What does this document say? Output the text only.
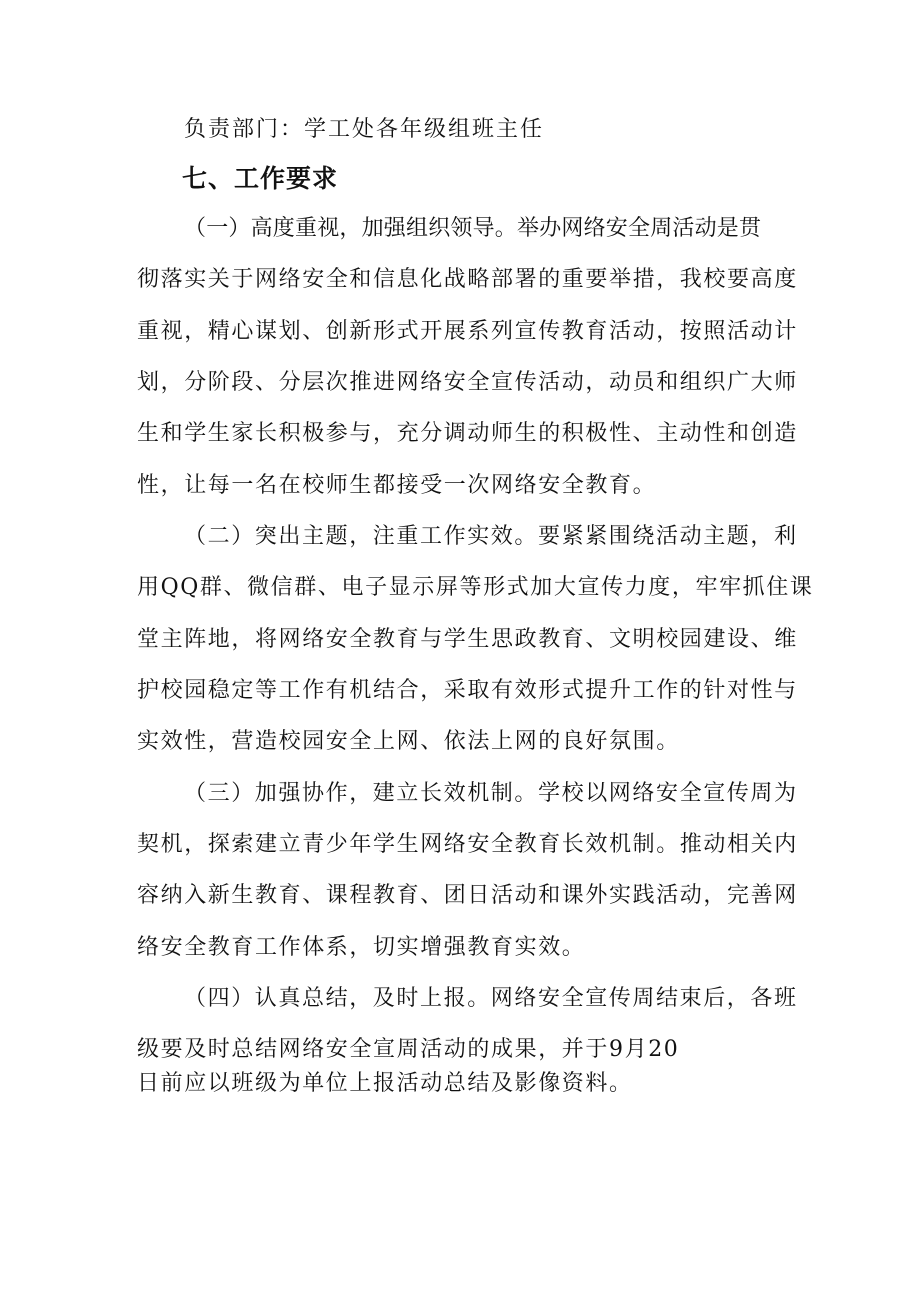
负责部门：学工处各年级组班主任
七、工作要求
（一）高度重视，加强组织领导。举办网络安全周活动是贯
彻落实关于网络安全和信息化战略部署的重要举措，我校要高度
重视，精心谋划、创新形式开展系列宣传教育活动，按照活动计
划，分阶段、分层次推进网络安全宣传活动，动员和组织广大师
生和学生家长积极参与，充分调动师生的积极性、主动性和创造
性，让每一名在校师生都接受一次网络安全教育。
（二）突出主题，注重工作实效。要紧紧围绕活动主题，利
用QQ群、微信群、电子显示屏等形式加大宣传力度，牢牢抓住课
堂主阵地，将网络安全教育与学生思政教育、文明校园建设、维
护校园稳定等工作有机结合，采取有效形式提升工作的针对性与
实效性，营造校园安全上网、依法上网的良好氛围。
（三）加强协作，建立长效机制。学校以网络安全宣传周为
契机，探索建立青少年学生网络安全教育长效机制。推动相关内
容纳入新生教育、课程教育、团日活动和课外实践活动，完善网
络安全教育工作体系，切实增强教育实效。
（四）认真总结，及时上报。网络安全宣传周结束后，各班
级要及时总结网络安全宣周活动的成果，并于9月20
日前应以班级为单位上报活动总结及影像资料。
